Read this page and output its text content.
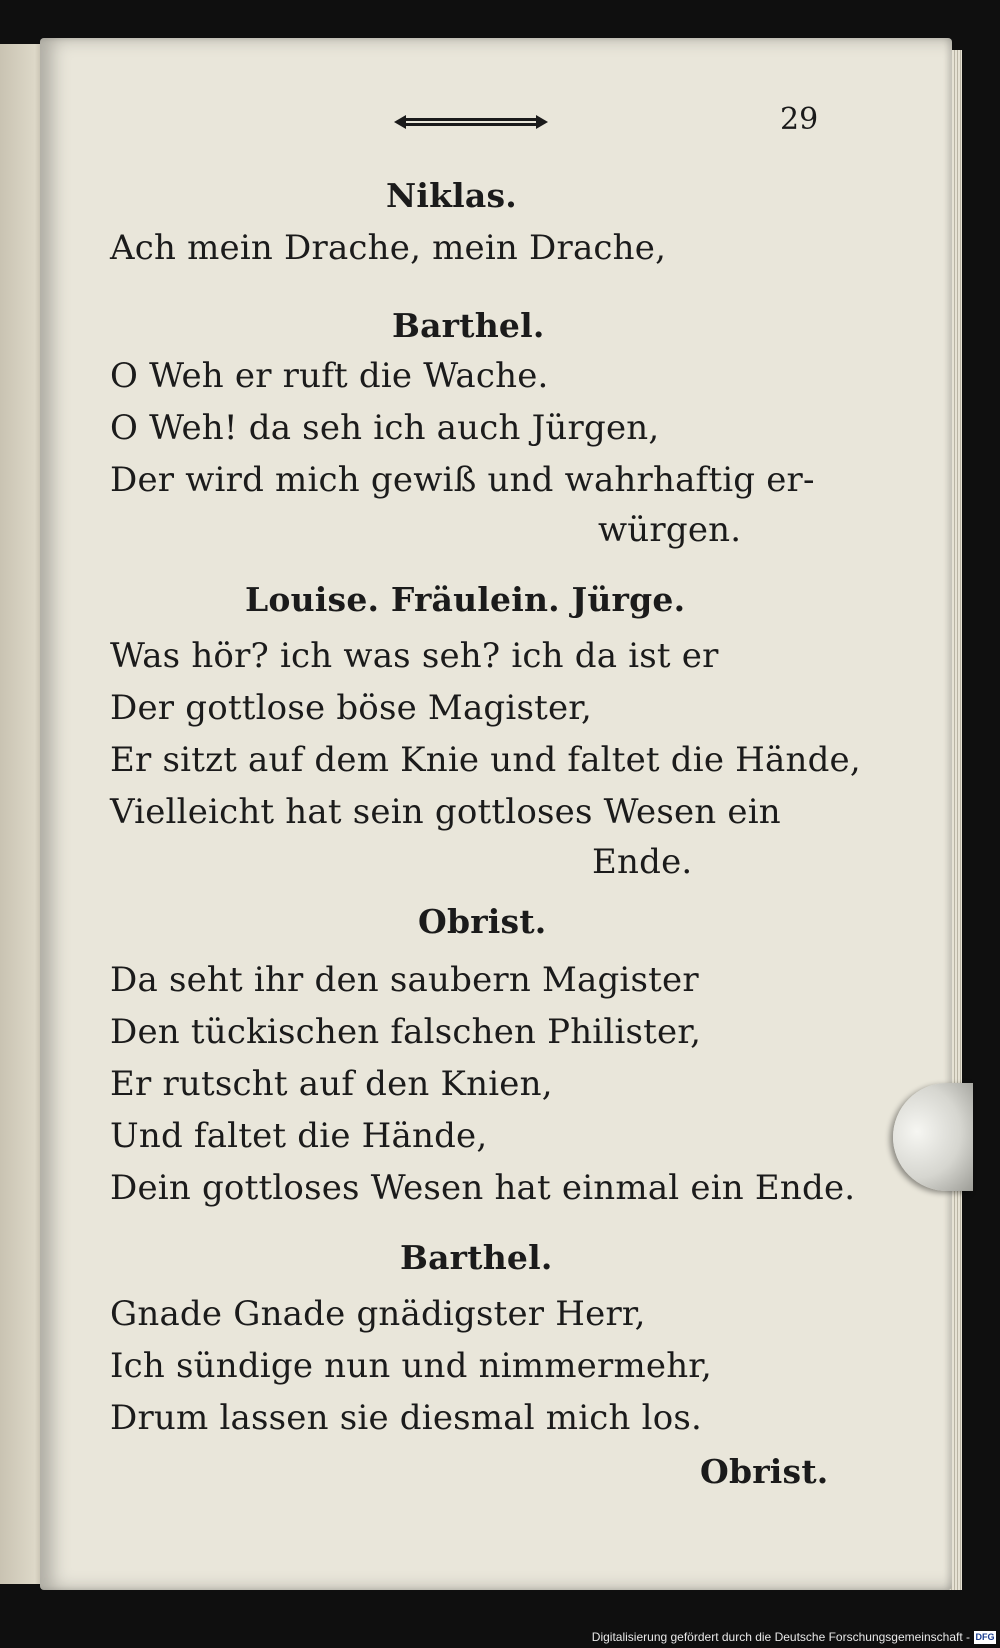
29
Niklas.
Ach mein Drache, mein Drache,
Barthel.
O Weh er ruft die Wache.
O Weh! da seh ich auch Jürgen,
Der wird mich gewiß und wahrhaftig er-
würgen.
Louise. Fräulein. Jürge.
Was hör? ich was seh? ich da ist er
Der gottlose böse Magister,
Er sitzt auf dem Knie und faltet die Hände,
Vielleicht hat sein gottloses Wesen ein
Ende.
Obrist.
Da seht ihr den saubern Magister
Den tückischen falschen Philister,
Er rutscht auf den Knien,
Und faltet die Hände,
Dein gottloses Wesen hat einmal ein Ende.
Barthel.
Gnade Gnade gnädigster Herr,
Ich sündige nun und nimmermehr,
Drum lassen sie diesmal mich los.
Obrist.
Digitalisierung gefördert durch die Deutsche Forschungsgemeinschaft - DFG
